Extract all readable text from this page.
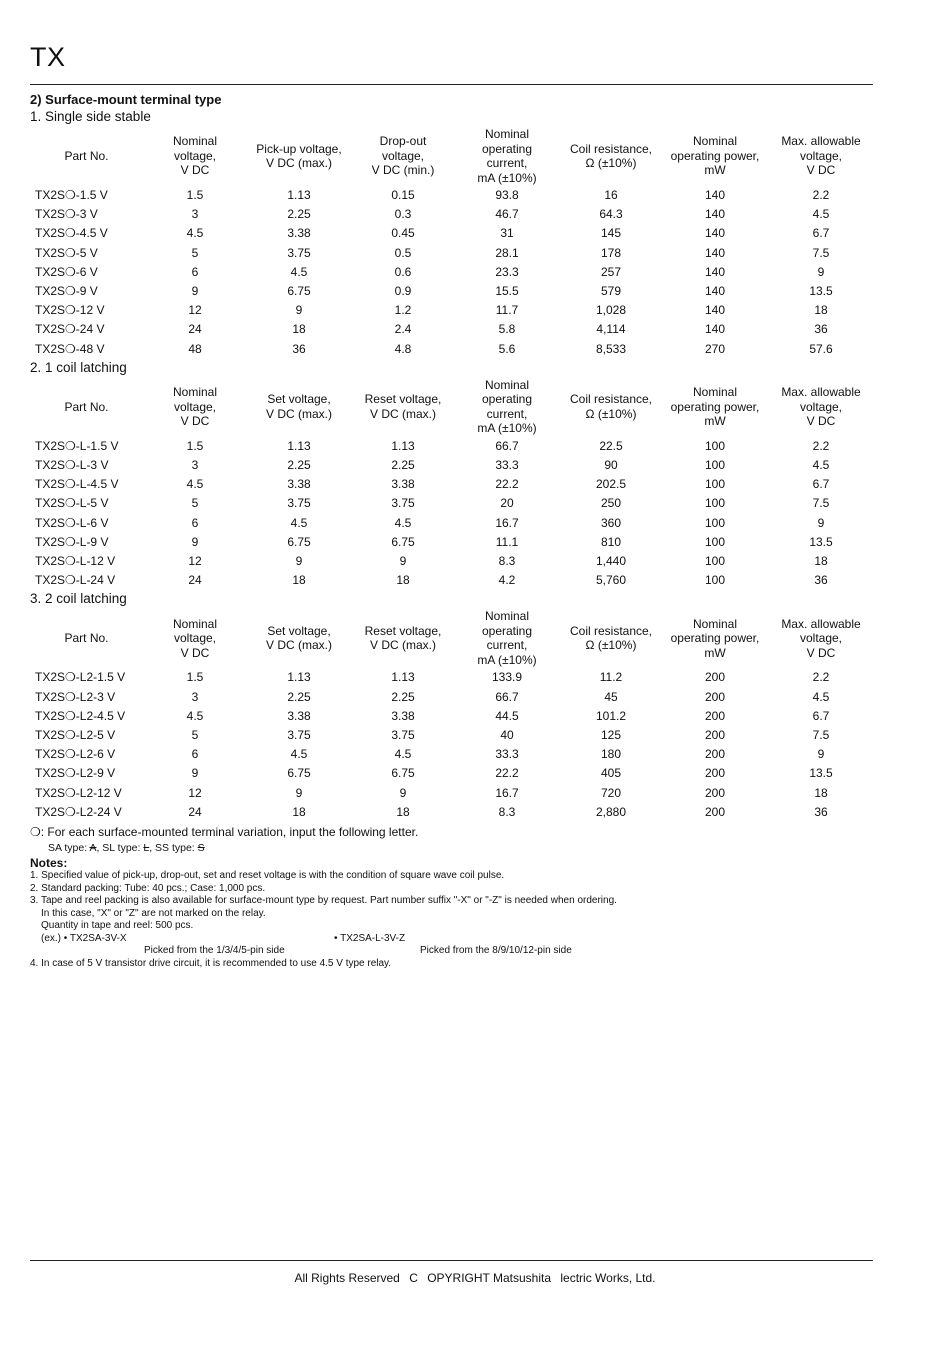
TX

2) Surface-mount terminal type

1. Single side stable

Part No.	Nominal
voltage,
V DC	Pick-up voltage,
V DC (max.)	Drop-out
voltage,
V DC (min.)	Nominal
operating
current,
mA (±10%)	Coil resistance,
Ω (±10%)	Nominal
operating power,
mW	Max. allowable
voltage,
V DC

TX2S❍-1.5 V	1.5	1.13	0.15	93.8	16	140	2.2
TX2S❍-3 V	3	2.25	0.3	46.7	64.3	140	4.5
TX2S❍-4.5 V	4.5	3.38	0.45	31	145	140	6.7
TX2S❍-5 V	5	3.75	0.5	28.1	178	140	7.5
TX2S❍-6 V	6	4.5	0.6	23.3	257	140	9
TX2S❍-9 V	9	6.75	0.9	15.5	579	140	13.5
TX2S❍-12 V	12	9	1.2	11.7	1,028	140	18
TX2S❍-24 V	24	18	2.4	5.8	4,114	140	36
TX2S❍-48 V	48	36	4.8	5.6	8,533	270	57.6

2. 1 coil latching

Part No.	Nominal
voltage,
V DC	Set voltage,
V DC (max.)	Reset voltage,
V DC (max.)	Nominal
operating
current,
mA (±10%)	Coil resistance,
Ω (±10%)	Nominal
operating power,
mW	Max. allowable
voltage,
V DC

TX2S❍-L-1.5 V	1.5	1.13	1.13	66.7	22.5	100	2.2
TX2S❍-L-3 V	3	2.25	2.25	33.3	90	100	4.5
TX2S❍-L-4.5 V	4.5	3.38	3.38	22.2	202.5	100	6.7
TX2S❍-L-5 V	5	3.75	3.75	20	250	100	7.5
TX2S❍-L-6 V	6	4.5	4.5	16.7	360	100	9
TX2S❍-L-9 V	9	6.75	6.75	11.1	810	100	13.5
TX2S❍-L-12 V	12	9	9	8.3	1,440	100	18
TX2S❍-L-24 V	24	18	18	4.2	5,760	100	36

3. 2 coil latching

Part No.	Nominal
voltage,
V DC	Set voltage,
V DC (max.)	Reset voltage,
V DC (max.)	Nominal
operating
current,
mA (±10%)	Coil resistance,
Ω (±10%)	Nominal
operating power,
mW	Max. allowable
voltage,
V DC

TX2S❍-L2-1.5 V	1.5	1.13	1.13	133.9	11.2	200	2.2
TX2S❍-L2-3 V	3	2.25	2.25	66.7	45	200	4.5
TX2S❍-L2-4.5 V	4.5	3.38	3.38	44.5	101.2	200	6.7
TX2S❍-L2-5 V	5	3.75	3.75	40	125	200	7.5
TX2S❍-L2-6 V	6	4.5	4.5	33.3	180	200	9
TX2S❍-L2-9 V	9	6.75	6.75	22.2	405	200	13.5
TX2S❍-L2-12 V	12	9	9	16.7	720	200	18
TX2S❍-L2-24 V	24	18	18	8.3	2,880	200	36

❍: For each surface-mounted terminal variation, input the following letter.

SA type: A, SL type: L, SS type: S

Notes:

1. Specified value of pick-up, drop-out, set and reset voltage is with the condition of square wave coil pulse.

2. Standard packing: Tube: 40 pcs.; Case: 1,000 pcs.

3. Tape and reel packing is also available for surface-mount type by request. Part number suffix "-X" or "-Z" is needed when ordering.

In this case, "X" or "Z" are not marked on the relay.

Quantity in tape and reel: 500 pcs.

(ex.) • TX2SA-3V-X	• TX2SA-L-3V-Z
Picked from the 1/3/4/5-pin side	Picked from the 8/9/10/12-pin side

4. In case of 5 V transistor drive circuit, it is recommended to use 4.5 V type relay.

All Rights Reserved C OPYRIGHT Matsushita lectric Works, Ltd.
